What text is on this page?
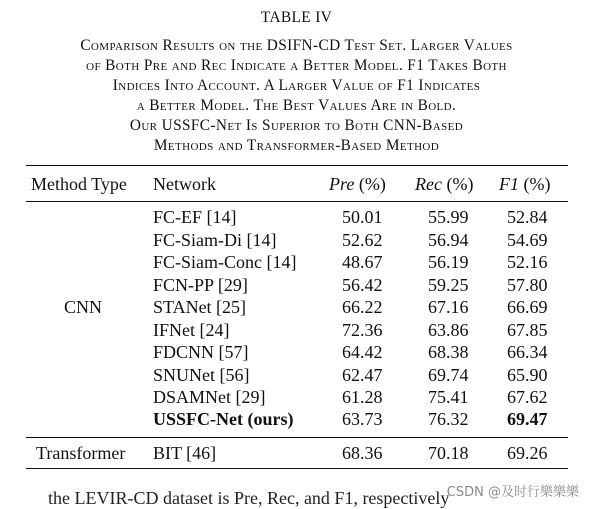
TABLE IV
Comparison Results on the DSIFN-CD Test Set. Larger Values
of Both Pre and Rec Indicate a Better Model. F1 Takes Both
Indices Into Account. A Larger Value of F1 Indicates
a Better Model. The Best Values Are in Bold.
Our USSFC-Net Is Superior to Both CNN-Based
Methods and Transformer-Based Method
Method Type Network	Pre (%) Rec (%) F1 (%)
CNN
FC-EF [14]	50.01	55.99 52.84
FC-Siam-Di [14]	52.62	56.94 54.69
FC-Siam-Conc [14]	48.67	56.19 52.16
FCN-PP [29]	56.42	59.25 57.80
STANet [25]	66.22	67.16 66.69
IFNet [24]	72.36	63.86 67.85
FDCNN [57]	64.42	68.38 66.34
SNUNet [56]	62.47	69.74 65.90
DSAMNet [29]	61.28	75.41 67.62
USSFC-Net (ours)	63.73	76.32 69.47
Transformer BIT [46]	68.36	70.18 69.26
CSDN @及时行樂樂樂
the LEVIR-CD dataset is Pre, Rec, and F1, respectively
